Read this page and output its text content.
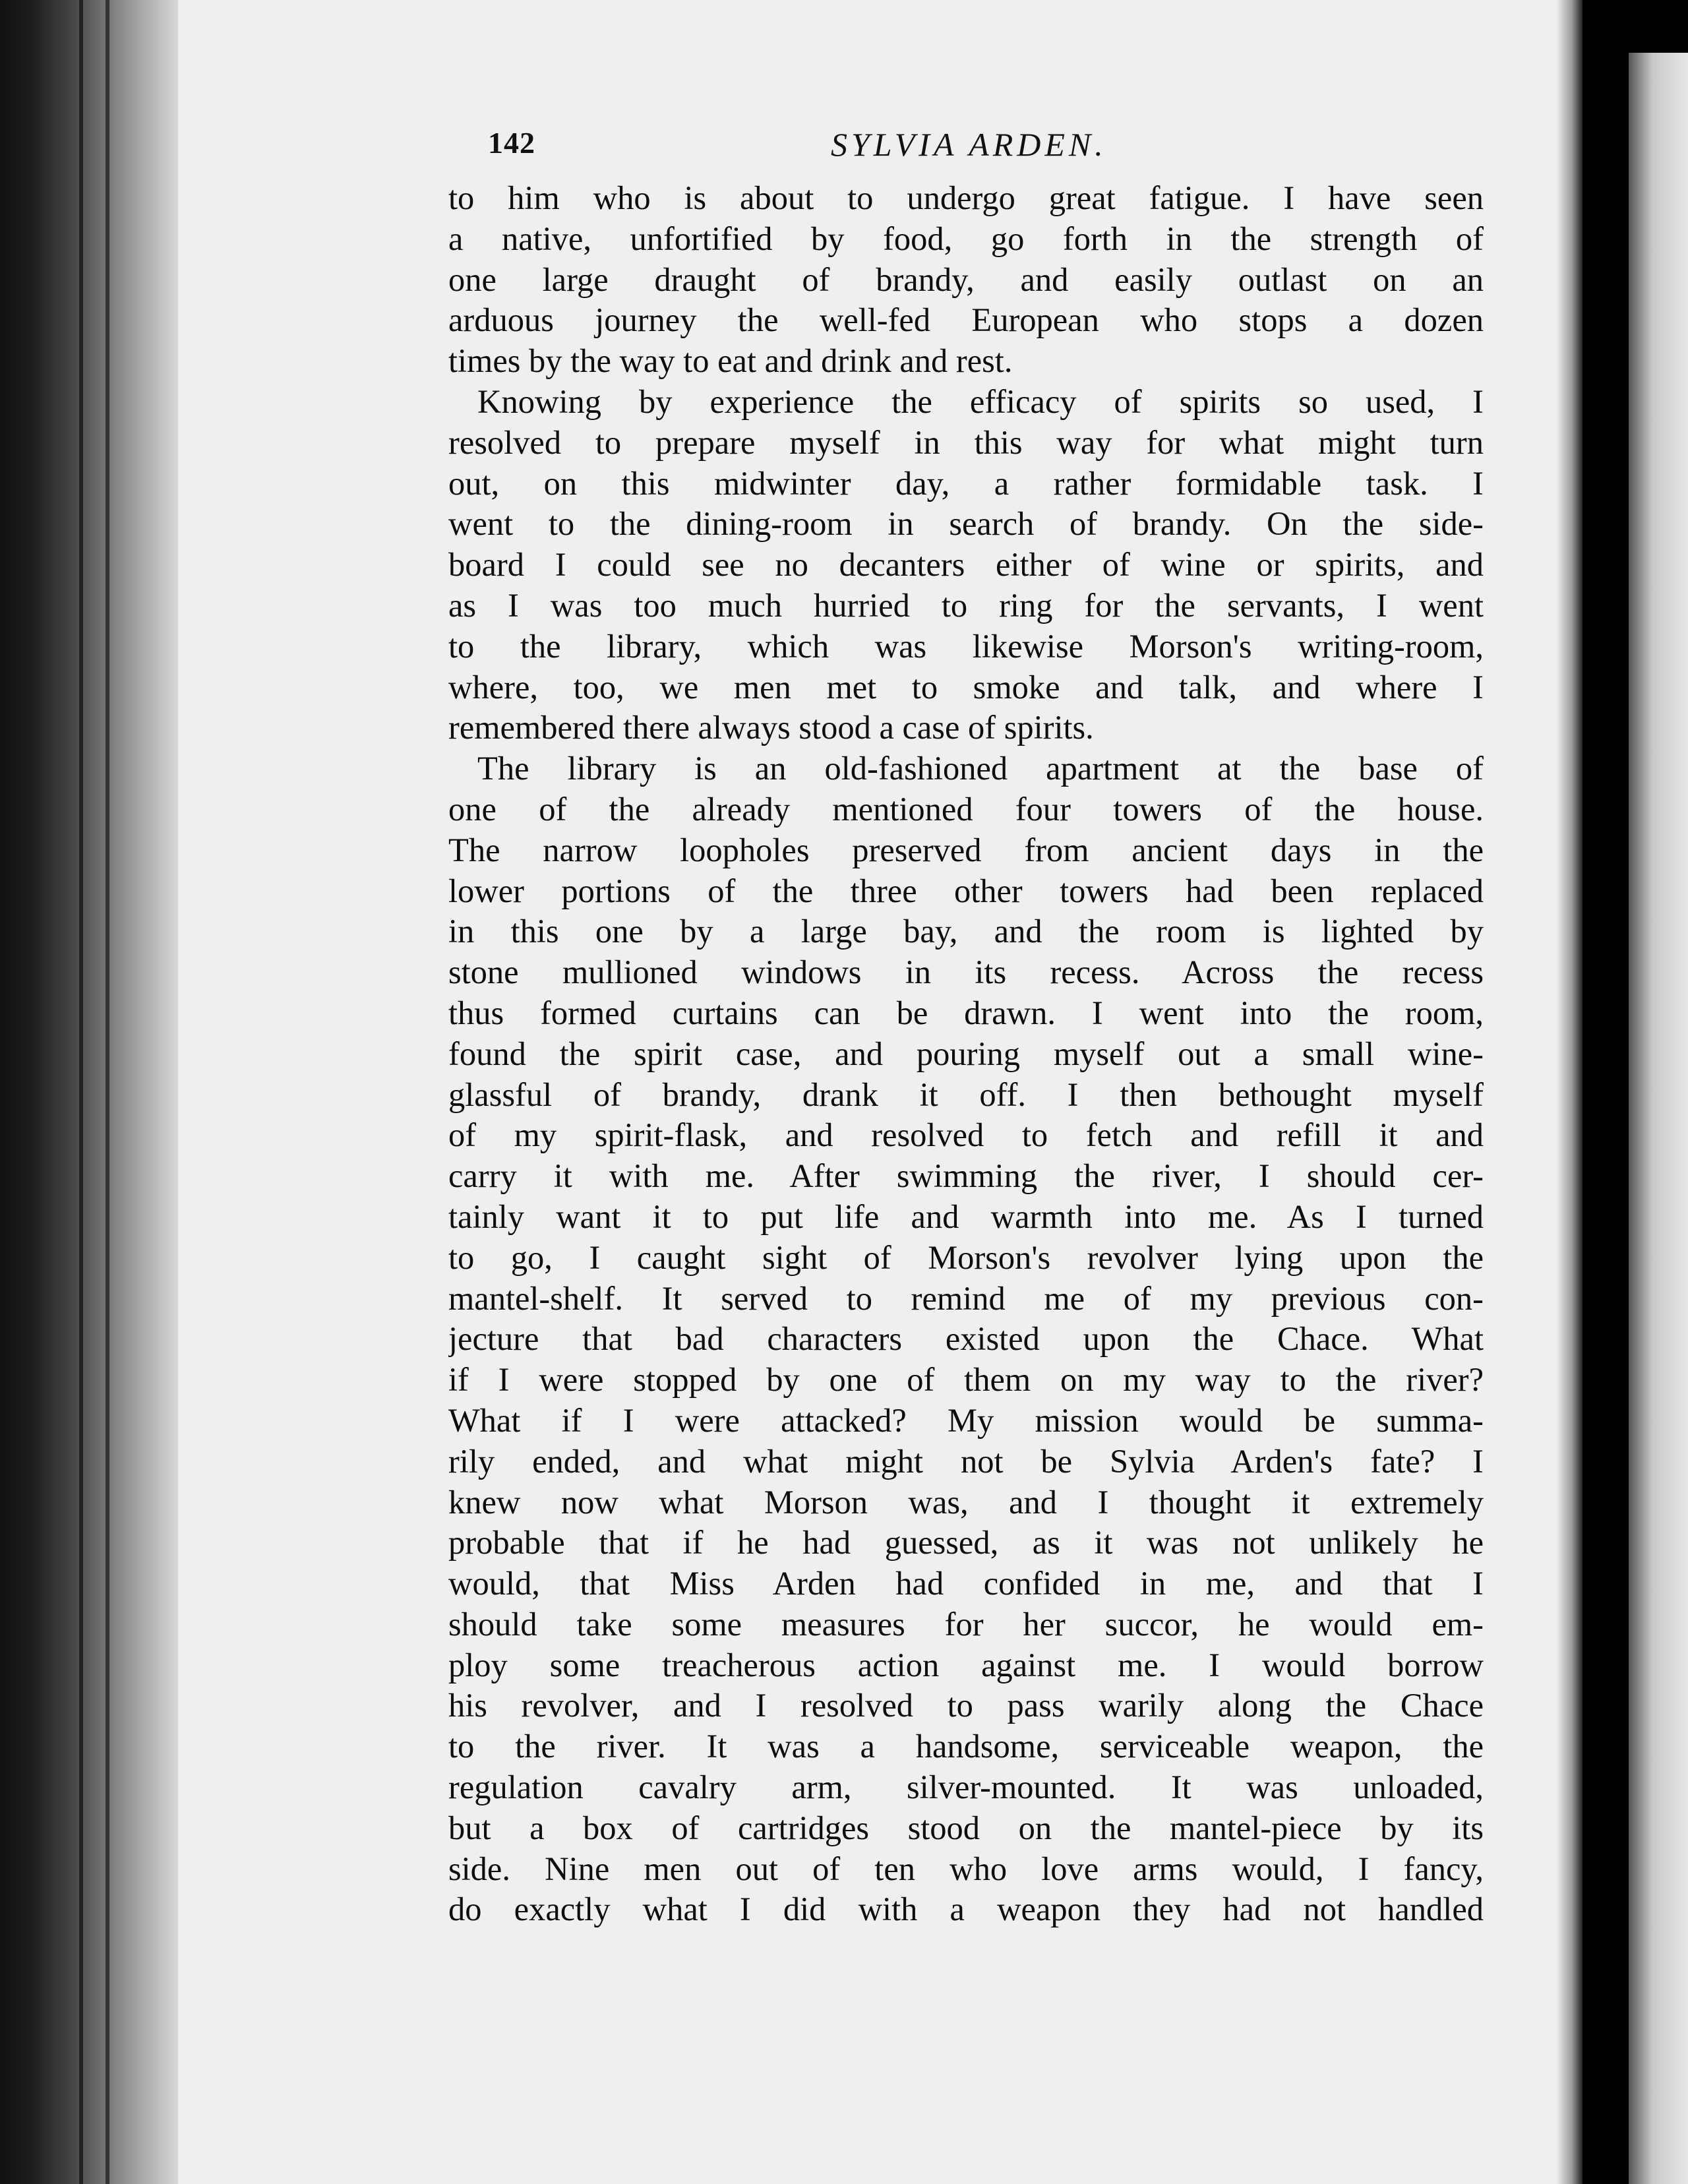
142	SYLVIA ARDEN.
to him who is about to undergo great fatigue. I have seen
a native, unfortified by food, go forth in the strength of
one large draught of brandy, and easily outlast on an
arduous journey the well-fed European who stops a dozen
times by the way to eat and drink and rest.
Knowing by experience the efficacy of spirits so used, I
resolved to prepare myself in this way for what might turn
out, on this midwinter day, a rather formidable task. I
went to the dining-room in search of brandy. On the side-
board I could see no decanters either of wine or spirits, and
as I was too much hurried to ring for the servants, I went
to the library, which was likewise Morson's writing-room,
where, too, we men met to smoke and talk, and where I
remembered there always stood a case of spirits.
The library is an old-fashioned apartment at the base of
one of the already mentioned four towers of the house.
The narrow loopholes preserved from ancient days in the
lower portions of the three other towers had been replaced
in this one by a large bay, and the room is lighted by
stone mullioned windows in its recess. Across the recess
thus formed curtains can be drawn. I went into the room,
found the spirit case, and pouring myself out a small wine-
glassful of brandy, drank it off. I then bethought myself
of my spirit-flask, and resolved to fetch and refill it and
carry it with me. After swimming the river, I should cer-
tainly want it to put life and warmth into me. As I turned
to go, I caught sight of Morson's revolver lying upon the
mantel-shelf. It served to remind me of my previous con-
jecture that bad characters existed upon the Chace. What
if I were stopped by one of them on my way to the river?
What if I were attacked? My mission would be summa-
rily ended, and what might not be Sylvia Arden's fate? I
knew now what Morson was, and I thought it extremely
probable that if he had guessed, as it was not unlikely he
would, that Miss Arden had confided in me, and that I
should take some measures for her succor, he would em-
ploy some treacherous action against me. I would borrow
his revolver, and I resolved to pass warily along the Chace
to the river. It was a handsome, serviceable weapon, the
regulation cavalry arm, silver-mounted. It was unloaded,
but a box of cartridges stood on the mantel-piece by its
side. Nine men out of ten who love arms would, I fancy,
do exactly what I did with a weapon they had not handled
